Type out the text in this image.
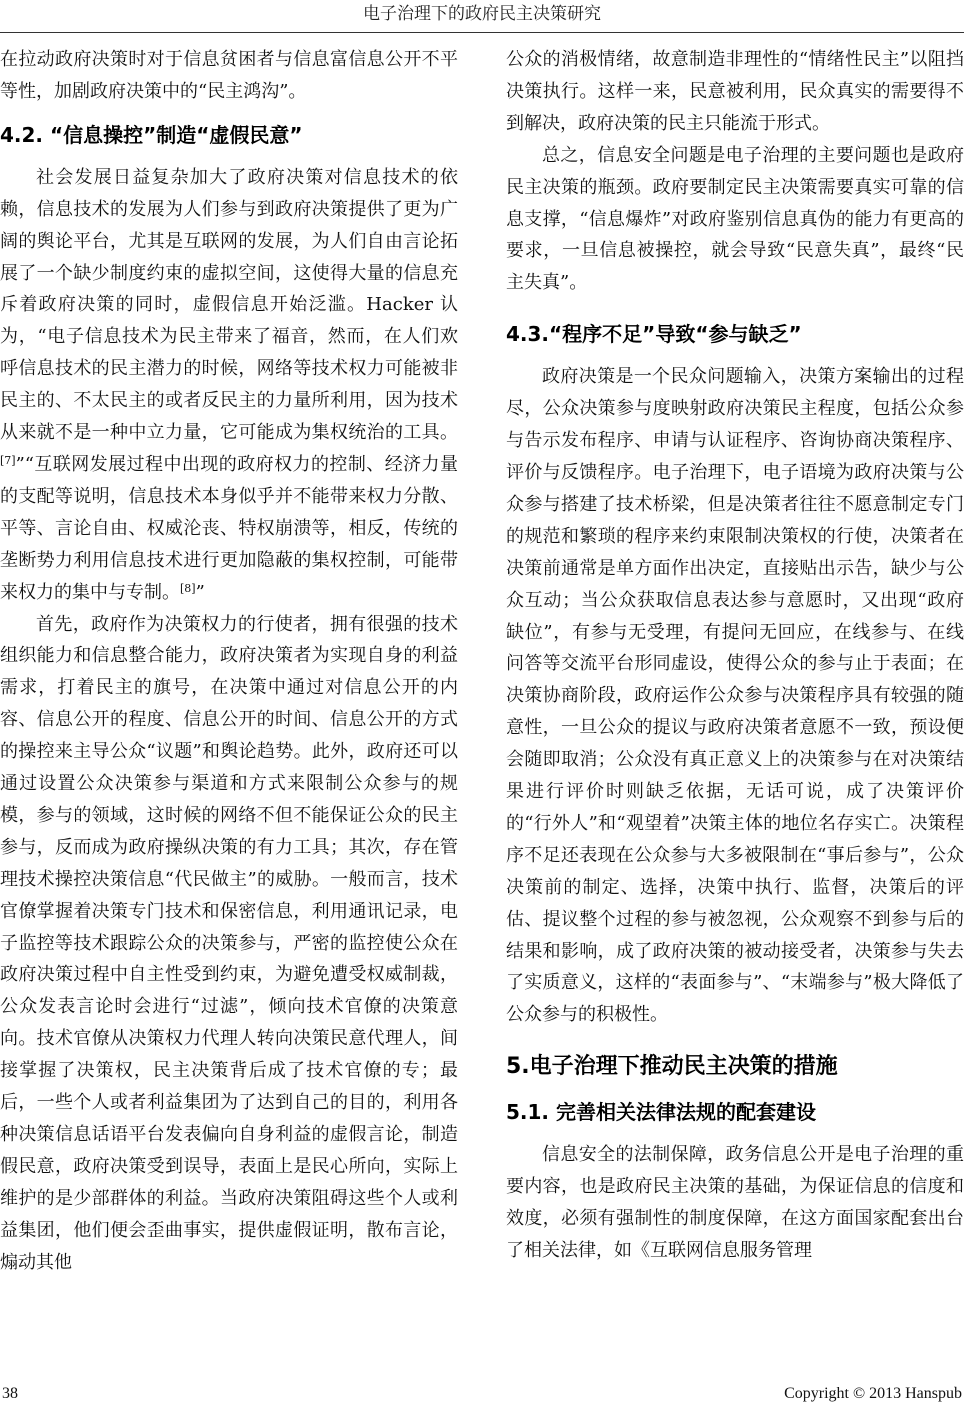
电子治理下的政府民主决策研究

在拉动政府决策时对于信息贫困者与信息富信息公开不平等性，加剧政府决策中的“民主鸿沟”。

4.2. “信息操控”制造“虚假民意”

社会发展日益复杂加大了政府决策对信息技术的依赖，信息技术的发展为人们参与到政府决策提供了更为广阔的舆论平台，尤其是互联网的发展，为人们自由言论拓展了一个缺少制度约束的虚拟空间，这使得大量的信息充斥着政府决策的同时，虚假信息开始泛滥。Hacker 认为，“电子信息技术为民主带来了福音，然而，在人们欢呼信息技术的民主潜力的时候，网络等技术权力可能被非民主的、不太民主的或者反民主的力量所利用，因为技术从来就不是一种中立力量，它可能成为集权统治的工具。[7]”“互联网发展过程中出现的政府权力的控制、经济力量的支配等说明，信息技术本身似乎并不能带来权力分散、平等、言论自由、权威沦丧、特权崩溃等，相反，传统的垄断势力利用信息技术进行更加隐蔽的集权控制，可能带来权力的集中与专制。[8]”

首先，政府作为决策权力的行使者，拥有很强的技术组织能力和信息整合能力，政府决策者为实现自身的利益需求，打着民主的旗号，在决策中通过对信息公开的内容、信息公开的程度、信息公开的时间、信息公开的方式的操控来主导公众“议题”和舆论趋势。此外，政府还可以通过设置公众决策参与渠道和方式来限制公众参与的规模，参与的领域，这时候的网络不但不能保证公众的民主参与，反而成为政府操纵决策的有力工具；其次，存在管理技术操控决策信息“代民做主”的威胁。一般而言，技术官僚掌握着决策专门技术和保密信息，利用通讯记录，电子监控等技术跟踪公众的决策参与，严密的监控使公众在政府决策过程中自主性受到约束，为避免遭受权威制裁，公众发表言论时会进行“过滤”，倾向技术官僚的决策意向。技术官僚从决策权力代理人转向决策民意代理人，间接掌握了决策权，民主决策背后成了技术官僚的专；最后，一些个人或者利益集团为了达到自己的目的，利用各种决策信息话语平台发表偏向自身利益的虚假言论，制造假民意，政府决策受到误导，表面上是民心所向，实际上维护的是少部群体的利益。当政府决策阻碍这些个人或利益集团，他们便会歪曲事实，提供虚假证明，散布言论，煽动其他

公众的消极情绪，故意制造非理性的“情绪性民主”以阻挡决策执行。这样一来，民意被利用，民众真实的需要得不到解决，政府决策的民主只能流于形式。

总之，信息安全问题是电子治理的主要问题也是政府民主决策的瓶颈。政府要制定民主决策需要真实可靠的信息支撑，“信息爆炸”对政府鉴别信息真伪的能力有更高的要求，一旦信息被操控，就会导致“民意失真”，最终“民主失真”。

4.3.“程序不足”导致“参与缺乏”

政府决策是一个民众问题输入，决策方案输出的过程尽，公众决策参与度映射政府决策民主程度，包括公众参与告示发布程序、申请与认证程序、咨询协商决策程序、评价与反馈程序。电子治理下，电子语境为政府决策与公众参与搭建了技术桥梁，但是决策者往往不愿意制定专门的规范和繁琐的程序来约束限制决策权的行使，决策者在决策前通常是单方面作出决定，直接贴出示告，缺少与公众互动；当公众获取信息表达参与意愿时，又出现“政府缺位”，有参与无受理，有提问无回应，在线参与、在线问答等交流平台形同虚设，使得公众的参与止于表面；在决策协商阶段，政府运作公众参与决策程序具有较强的随意性，一旦公众的提议与政府决策者意愿不一致，预设便会随即取消；公众没有真正意义上的决策参与在对决策结果进行评价时则缺乏依据，无话可说，成了决策评价的“行外人”和“观望着”决策主体的地位名存实亡。决策程序不足还表现在公众参与大多被限制在“事后参与”，公众决策前的制定、选择，决策中执行、监督，决策后的评估、提议整个过程的参与被忽视，公众观察不到参与后的结果和影响，成了政府决策的被动接受者，决策参与失去了实质意义，这样的“表面参与”、“末端参与”极大降低了公众参与的积极性。

5.电子治理下推动民主决策的措施
5.1. 完善相关法律法规的配套建设

信息安全的法制保障，政务信息公开是电子治理的重要内容，也是政府民主决策的基础，为保证信息的信度和效度，必须有强制性的制度保障，在这方面国家配套出台了相关法律，如《互联网信息服务管理

38	Copyright © 2013 Hanspub
